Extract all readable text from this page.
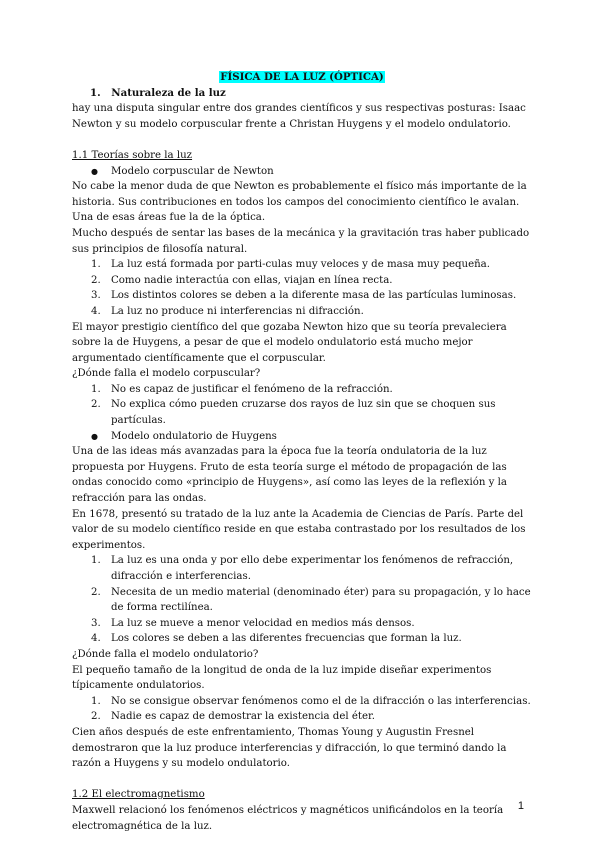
FÍSICA DE LA LUZ (ÓPTICA)
1. Naturaleza de la luz

hay una disputa singular entre dos grandes científicos y sus respectivas posturas: Isaac Newton y su modelo corpuscular frente a Christan Huygens y el modelo ondulatorio.

1.1 Teorías sobre la luz
●	Modelo corpuscular de Newton

No cabe la menor duda de que Newton es probablemente el físico más importante de la historia. Sus contribuciones en todos los campos del conocimiento científico le avalan. Una de esas áreas fue la de la óptica.

Mucho después de sentar las bases de la mecánica y la gravitación tras haber publicado sus principios de filosofía natural.

1.	La luz está formada por parti-culas muy veloces y de masa muy pequeña.
2.	Como nadie interactúa con ellas, viajan en línea recta.
3.	Los distintos colores se deben a la diferente masa de las partículas luminosas.
4.	La luz no produce ni interferencias ni difracción.

El mayor prestigio científico del que gozaba Newton hizo que su teoría prevaleciera sobre la de Huygens, a pesar de que el modelo ondulatorio está mucho mejor argumentado científicamente que el corpuscular.

¿Dónde falla el modelo corpuscular?

1.	No es capaz de justificar el fenómeno de la refracción.
2.	No explica cómo pueden cruzarse dos rayos de luz sin que se choquen sus partículas.
●	Modelo ondulatorio de Huygens

Una de las ideas más avanzadas para la época fue la teoría ondulatoria de la luz propuesta por Huygens. Fruto de esta teoría surge el método de propagación de las ondas conocido como «principio de Huygens», así como las leyes de la reflexión y la refracción para las ondas.

En 1678, presentó su tratado de la luz ante la Academia de Ciencias de París. Parte del valor de su modelo científico reside en que estaba contrastado por los resultados de los experimentos.

1.	La luz es una onda y por ello debe experimentar los fenómenos de refracción, difracción e interferencias.
2.	Necesita de un medio material (denominado éter) para su propagación, y lo hace de forma rectilínea.
3.	La luz se mueve a menor velocidad en medios más densos.
4.	Los colores se deben a las diferentes frecuencias que forman la luz.

¿Dónde falla el modelo ondulatorio?

El pequeño tamaño de la longitud de onda de la luz impide diseñar experimentos típicamente ondulatorios.

1.	No se consigue observar fenómenos como el de la difracción o las interferencias.
2.	Nadie es capaz de demostrar la existencia del éter.

Cien años después de este enfrentamiento, Thomas Young y Augustin Fresnel demostraron que la luz produce interferencias y difracción, lo que terminó dando la razón a Huygens y su modelo ondulatorio.

1.2 El electromagnetismo

Maxwell relacionó los fenómenos eléctricos y magnéticos unificándolos en la teoría electromagnética de la luz.

1
